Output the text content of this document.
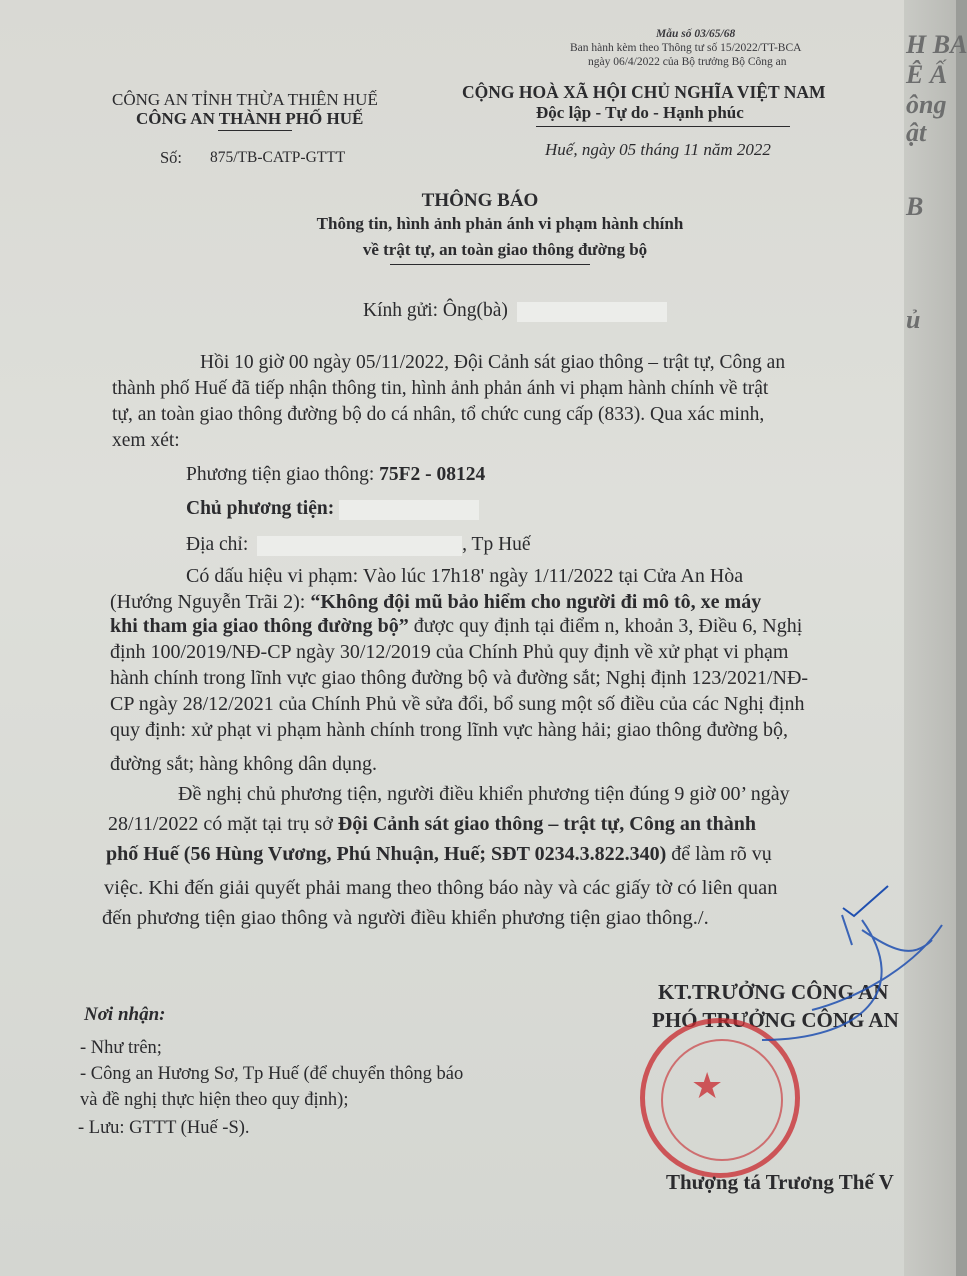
H BA
Ê Ấ
ông
ật
B
ủ
Mẫu số 03/65/68
Ban hành kèm theo Thông tư số 15/2022/TT-BCA
ngày 06/4/2022 của Bộ trưởng Bộ Công an
CÔNG AN TỈNH THỪA THIÊN HUẾ
CÔNG AN THÀNH PHỐ HUẾ
Số: 875/TB-CATP-GTTT
CỘNG HOÀ XÃ HỘI CHỦ NGHĨA VIỆT NAM
Độc lập - Tự do - Hạnh phúc
Huế, ngày 05 tháng 11 năm 2022
THÔNG BÁO
Thông tin, hình ảnh phản ánh vi phạm hành chính
về trật tự, an toàn giao thông đường bộ
Kính gửi: Ông(bà)
Hồi 10 giờ 00 ngày 05/11/2022, Đội Cảnh sát giao thông – trật tự, Công an
thành phố Huế đã tiếp nhận thông tin, hình ảnh phản ánh vi phạm hành chính về trật
tự, an toàn giao thông đường bộ do cá nhân, tổ chức cung cấp (833). Qua xác minh,
xem xét:
Phương tiện giao thông: 75F2 - 08124
Chủ phương tiện:
Địa chỉ:	, Tp Huế
Có dấu hiệu vi phạm: Vào lúc 17h18' ngày 1/11/2022 tại Cửa An Hòa
(Hướng Nguyễn Trãi 2): “Không đội mũ bảo hiểm cho người đi mô tô, xe máy
khi tham gia giao thông đường bộ” được quy định tại điểm n, khoản 3, Điều 6, Nghị
định 100/2019/NĐ-CP ngày 30/12/2019 của Chính Phủ quy định về xử phạt vi phạm
hành chính trong lĩnh vực giao thông đường bộ và đường sắt; Nghị định 123/2021/NĐ-
CP ngày 28/12/2021 của Chính Phủ về sửa đổi, bổ sung một số điều của các Nghị định
quy định: xử phạt vi phạm hành chính trong lĩnh vực hàng hải; giao thông đường bộ,
đường sắt; hàng không dân dụng.
Đề nghị chủ phương tiện, người điều khiển phương tiện đúng 9 giờ 00’ ngày
28/11/2022 có mặt tại trụ sở Đội Cảnh sát giao thông – trật tự, Công an thành
phố Huế (56 Hùng Vương, Phú Nhuận, Huế; SĐT 0234.3.822.340) để làm rõ vụ
việc. Khi đến giải quyết phải mang theo thông báo này và các giấy tờ có liên quan
đến phương tiện giao thông và người điều khiển phương tiện giao thông./.
Nơi nhận:
- Như trên;
- Công an Hương Sơ, Tp Huế (để chuyển thông báo
và đề nghị thực hiện theo quy định);
- Lưu: GTTT (Huế -S).
KT.TRƯỞNG CÔNG AN
PHÓ TRƯỞNG CÔNG AN
★
Thượng tá Trương Thế V
